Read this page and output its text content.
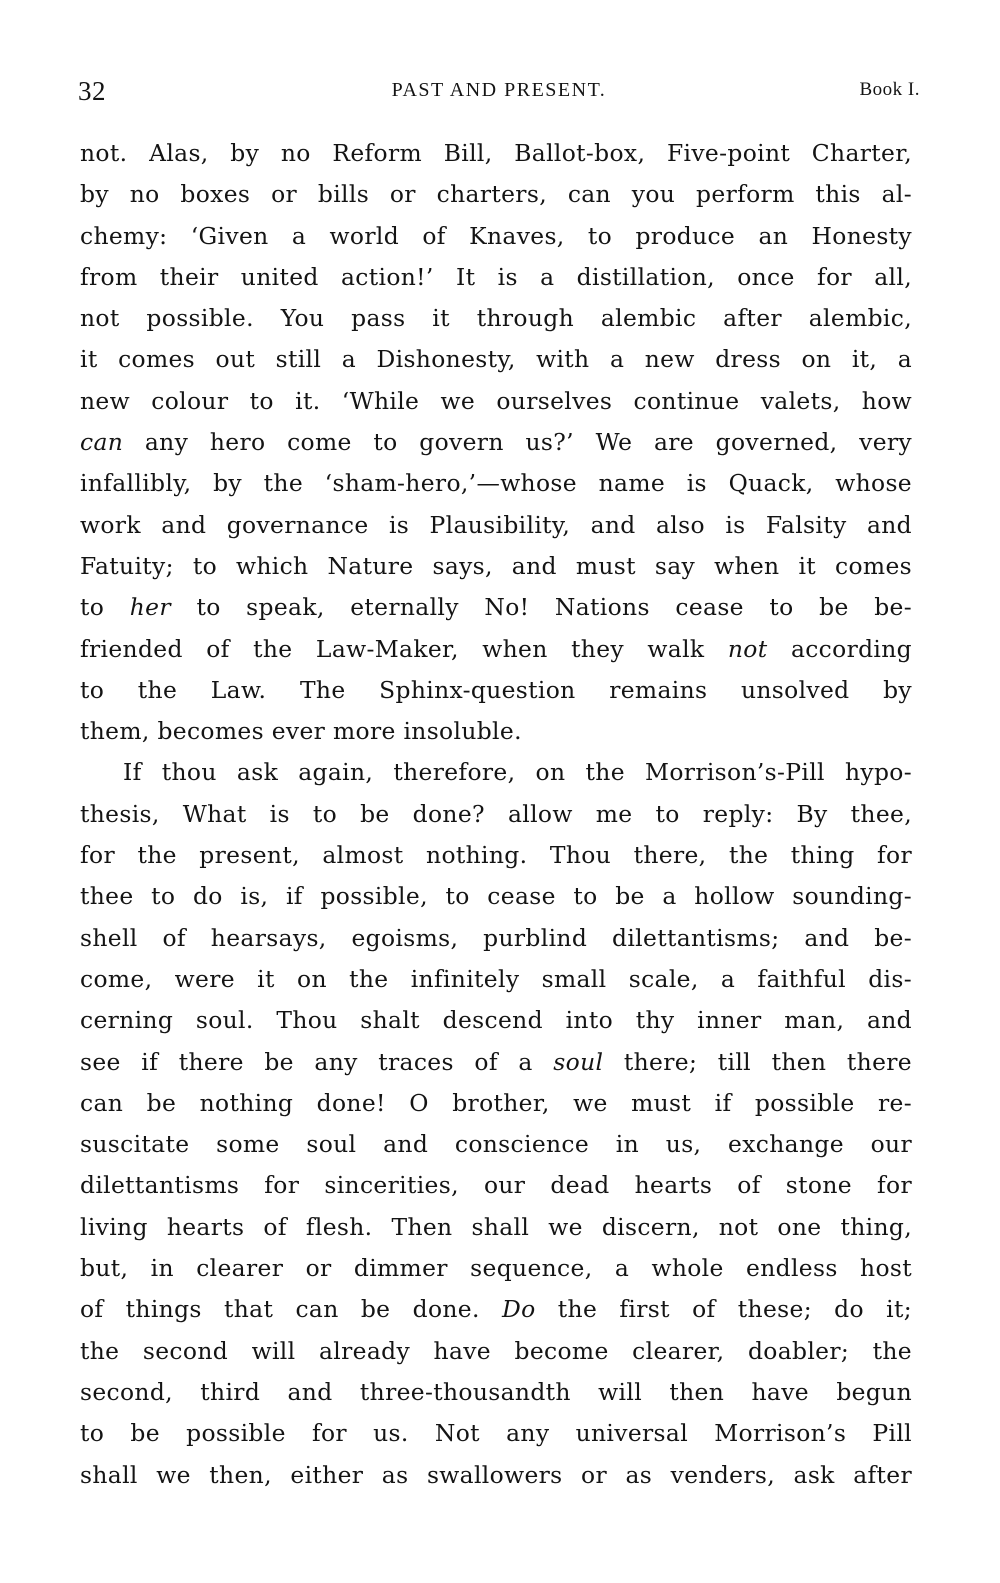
32	PAST AND PRESENT.	Book I.
not. Alas, by no Reform Bill, Ballot-box, Five-point Charter,
by no boxes or bills or charters, can you perform this al-
chemy: ‘Given a world of Knaves, to produce an Honesty
from their united action!’ It is a distillation, once for all,
not possible. You pass it through alembic after alembic,
it comes out still a Dishonesty, with a new dress on it, a
new colour to it. ‘While we ourselves continue valets, how
can any hero come to govern us?’ We are governed, very
infallibly, by the ‘sham-hero,’—whose name is Quack, whose
work and governance is Plausibility, and also is Falsity and
Fatuity; to which Nature says, and must say when it comes
to her to speak, eternally No! Nations cease to be be-
friended of the Law-Maker, when they walk not according
to the Law. The Sphinx-question remains unsolved by
them, becomes ever more insoluble.
If thou ask again, therefore, on the Morrison’s-Pill hypo-
thesis, What is to be done? allow me to reply: By thee,
for the present, almost nothing. Thou there, the thing for
thee to do is, if possible, to cease to be a hollow sounding-
shell of hearsays, egoisms, purblind dilettantisms; and be-
come, were it on the infinitely small scale, a faithful dis-
cerning soul. Thou shalt descend into thy inner man, and
see if there be any traces of a soul there; till then there
can be nothing done! O brother, we must if possible re-
suscitate some soul and conscience in us, exchange our
dilettantisms for sincerities, our dead hearts of stone for
living hearts of flesh. Then shall we discern, not one thing,
but, in clearer or dimmer sequence, a whole endless host
of things that can be done. Do the first of these; do it;
the second will already have become clearer, doabler; the
second, third and three-thousandth will then have begun
to be possible for us. Not any universal Morrison’s Pill
shall we then, either as swallowers or as venders, ask after
